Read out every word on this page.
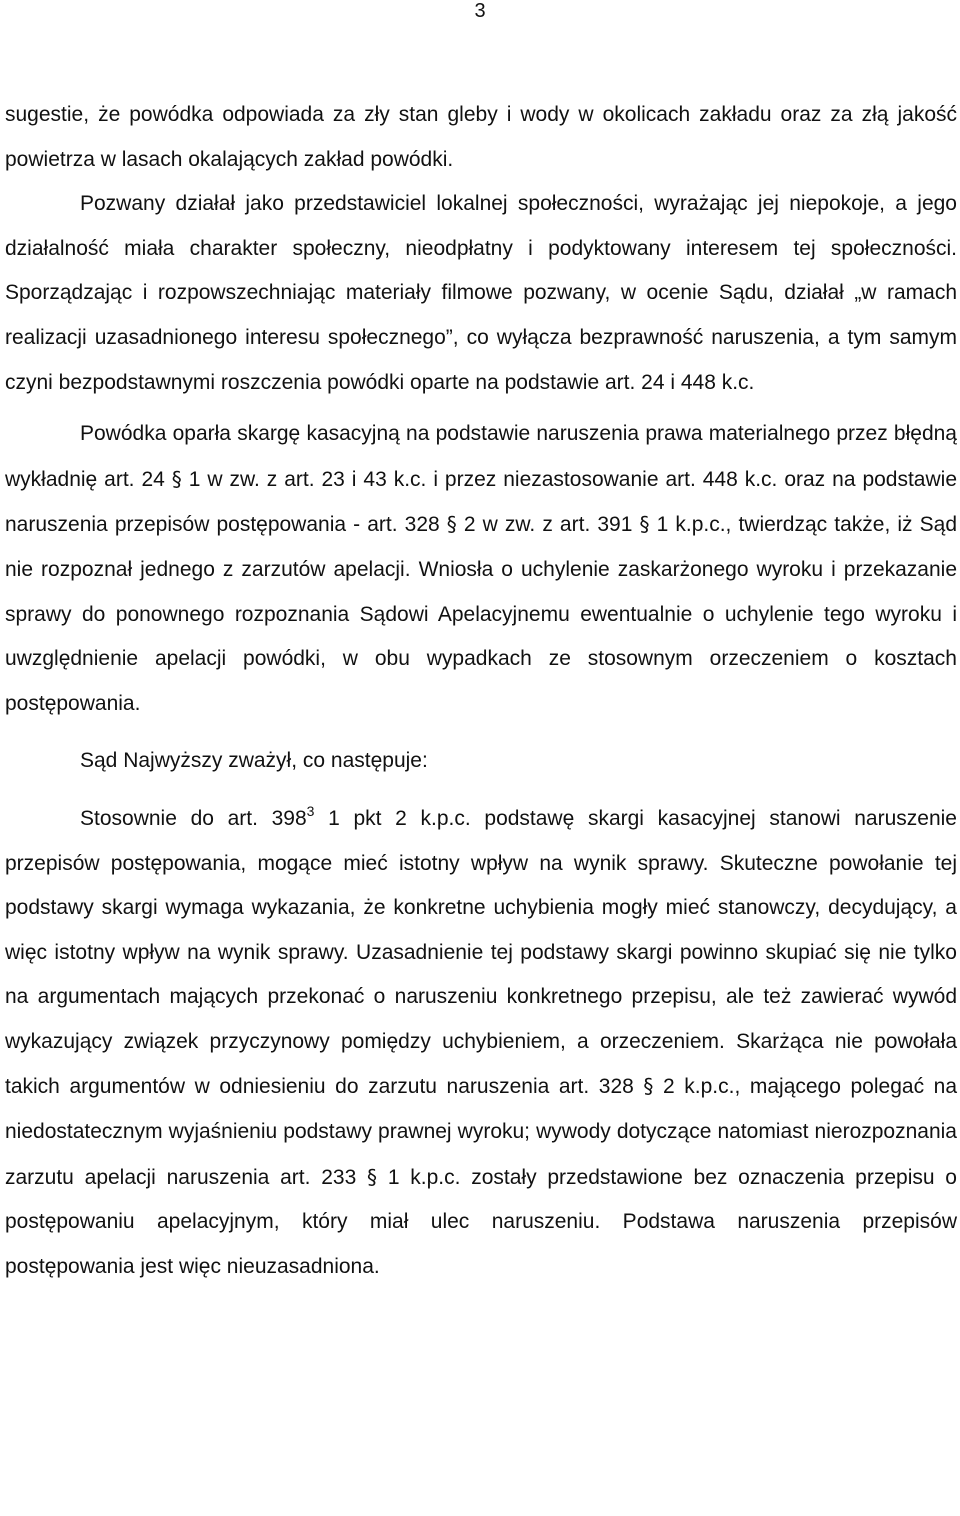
3

sugestie, że powódka odpowiada za zły stan gleby i wody w okolicach zakładu oraz za złą jakość powietrza w lasach okalających zakład powódki.

Pozwany działał jako przedstawiciel lokalnej społeczności, wyrażając jej niepokoje, a jego działalność miała charakter społeczny, nieodpłatny i podyktowany interesem tej społeczności. Sporządzając i rozpowszechniając materiały filmowe pozwany, w ocenie Sądu, działał „w ramach realizacji uzasadnionego interesu społecznego”, co wyłącza bezprawność naruszenia, a tym samym czyni bezpodstawnymi roszczenia powódki oparte na podstawie art. 24 i 448 k.c.

Powódka oparła skargę kasacyjną na podstawie naruszenia prawa materialnego przez błędną wykładnię art. 24 § 1 w zw. z art. 23 i 43 k.c. i przez niezastosowanie art. 448 k.c. oraz na podstawie naruszenia przepisów postępowania - art. 328 § 2 w zw. z art. 391 § 1 k.p.c., twierdząc także, iż Sąd nie rozpoznał jednego z zarzutów apelacji. Wniosła o uchylenie zaskarżonego wyroku i przekazanie sprawy do ponownego rozpoznania Sądowi Apelacyjnemu ewentualnie o uchylenie tego wyroku i uwzględnienie apelacji powódki, w obu wypadkach ze stosownym orzeczeniem o kosztach postępowania.

Sąd Najwyższy zważył, co następuje:

Stosownie do art. $398^3$ 1 pkt 2 k.p.c. podstawę skargi kasacyjnej stanowi naruszenie przepisów postępowania, mogące mieć istotny wpływ na wynik sprawy. Skuteczne powołanie tej podstawy skargi wymaga wykazania, że konkretne uchybienia mogły mieć stanowczy, decydujący, a więc istotny wpływ na wynik sprawy. Uzasadnienie tej podstawy skargi powinno skupiać się nie tylko na argumentach mających przekonać o naruszeniu konkretnego przepisu, ale też zawierać wywód wykazujący związek przyczynowy pomiędzy uchybieniem, a orzeczeniem. Skarżąca nie powołała takich argumentów w odniesieniu do zarzutu naruszenia art. 328 § 2 k.p.c., mającego polegać na niedostatecznym wyjaśnieniu podstawy prawnej wyroku; wywody dotyczące natomiast nierozpoznania zarzutu apelacji naruszenia art. 233 § 1 k.p.c. zostały przedstawione bez oznaczenia przepisu o postępowaniu apelacyjnym, który miał ulec naruszeniu. Podstawa naruszenia przepisów postępowania jest więc nieuzasadniona.
